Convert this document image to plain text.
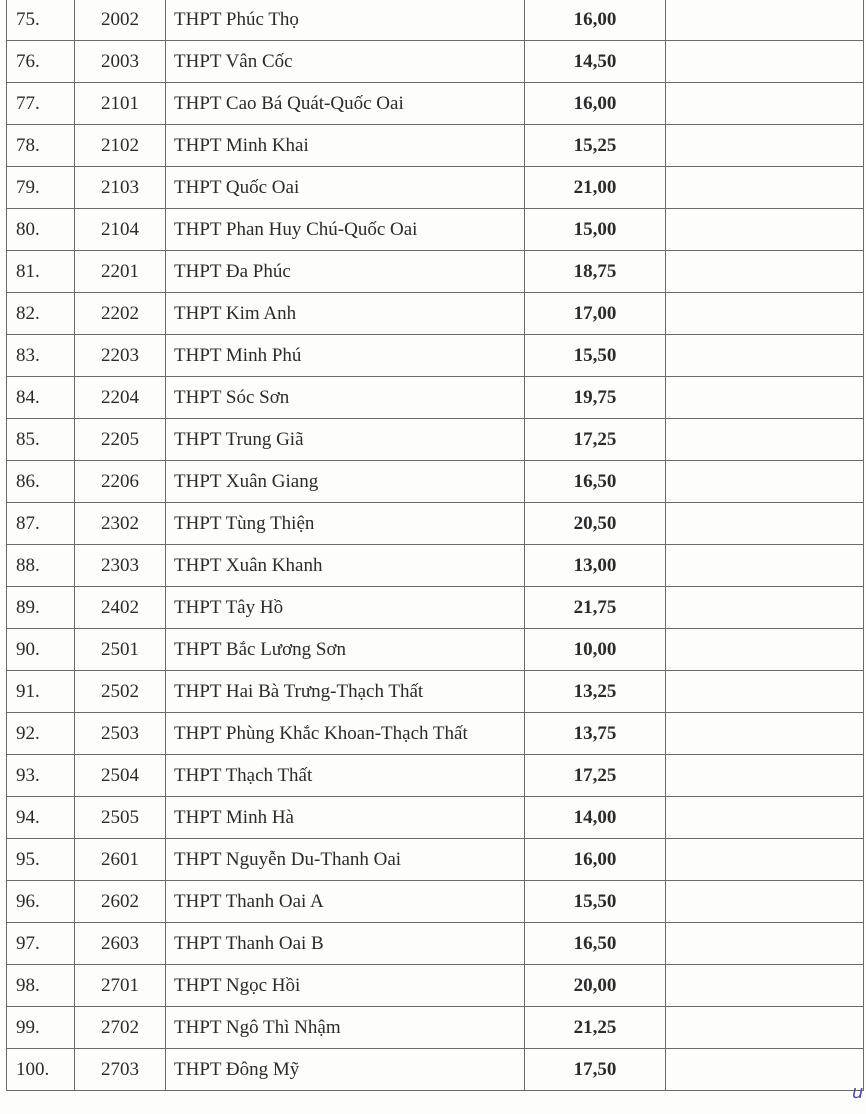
75.	2002	THPT Phúc Thọ	16,00	
76.	2003	THPT Vân Cốc	14,50	
77.	2101	THPT Cao Bá Quát-Quốc Oai	16,00	
78.	2102	THPT Minh Khai	15,25	
79.	2103	THPT Quốc Oai	21,00	
80.	2104	THPT Phan Huy Chú-Quốc Oai	15,00	
81.	2201	THPT Đa Phúc	18,75	
82.	2202	THPT Kim Anh	17,00	
83.	2203	THPT Minh Phú	15,50	
84.	2204	THPT Sóc Sơn	19,75	
85.	2205	THPT Trung Giã	17,25	
86.	2206	THPT Xuân Giang	16,50	
87.	2302	THPT Tùng Thiện	20,50	
88.	2303	THPT Xuân Khanh	13,00	
89.	2402	THPT Tây Hồ	21,75	
90.	2501	THPT Bắc Lương Sơn	10,00	
91.	2502	THPT Hai Bà Trưng-Thạch Thất	13,25	
92.	2503	THPT Phùng Khắc Khoan-Thạch Thất	13,75	
93.	2504	THPT Thạch Thất	17,25	
94.	2505	THPT Minh Hà	14,00	
95.	2601	THPT Nguyễn Du-Thanh Oai	16,00	
96.	2602	THPT Thanh Oai A	15,50	
97.	2603	THPT Thanh Oai B	16,50	
98.	2701	THPT Ngọc Hồi	20,00	
99.	2702	THPT Ngô Thì Nhậm	21,25	
100.	2703	THPT Đông Mỹ	17,50	
u
